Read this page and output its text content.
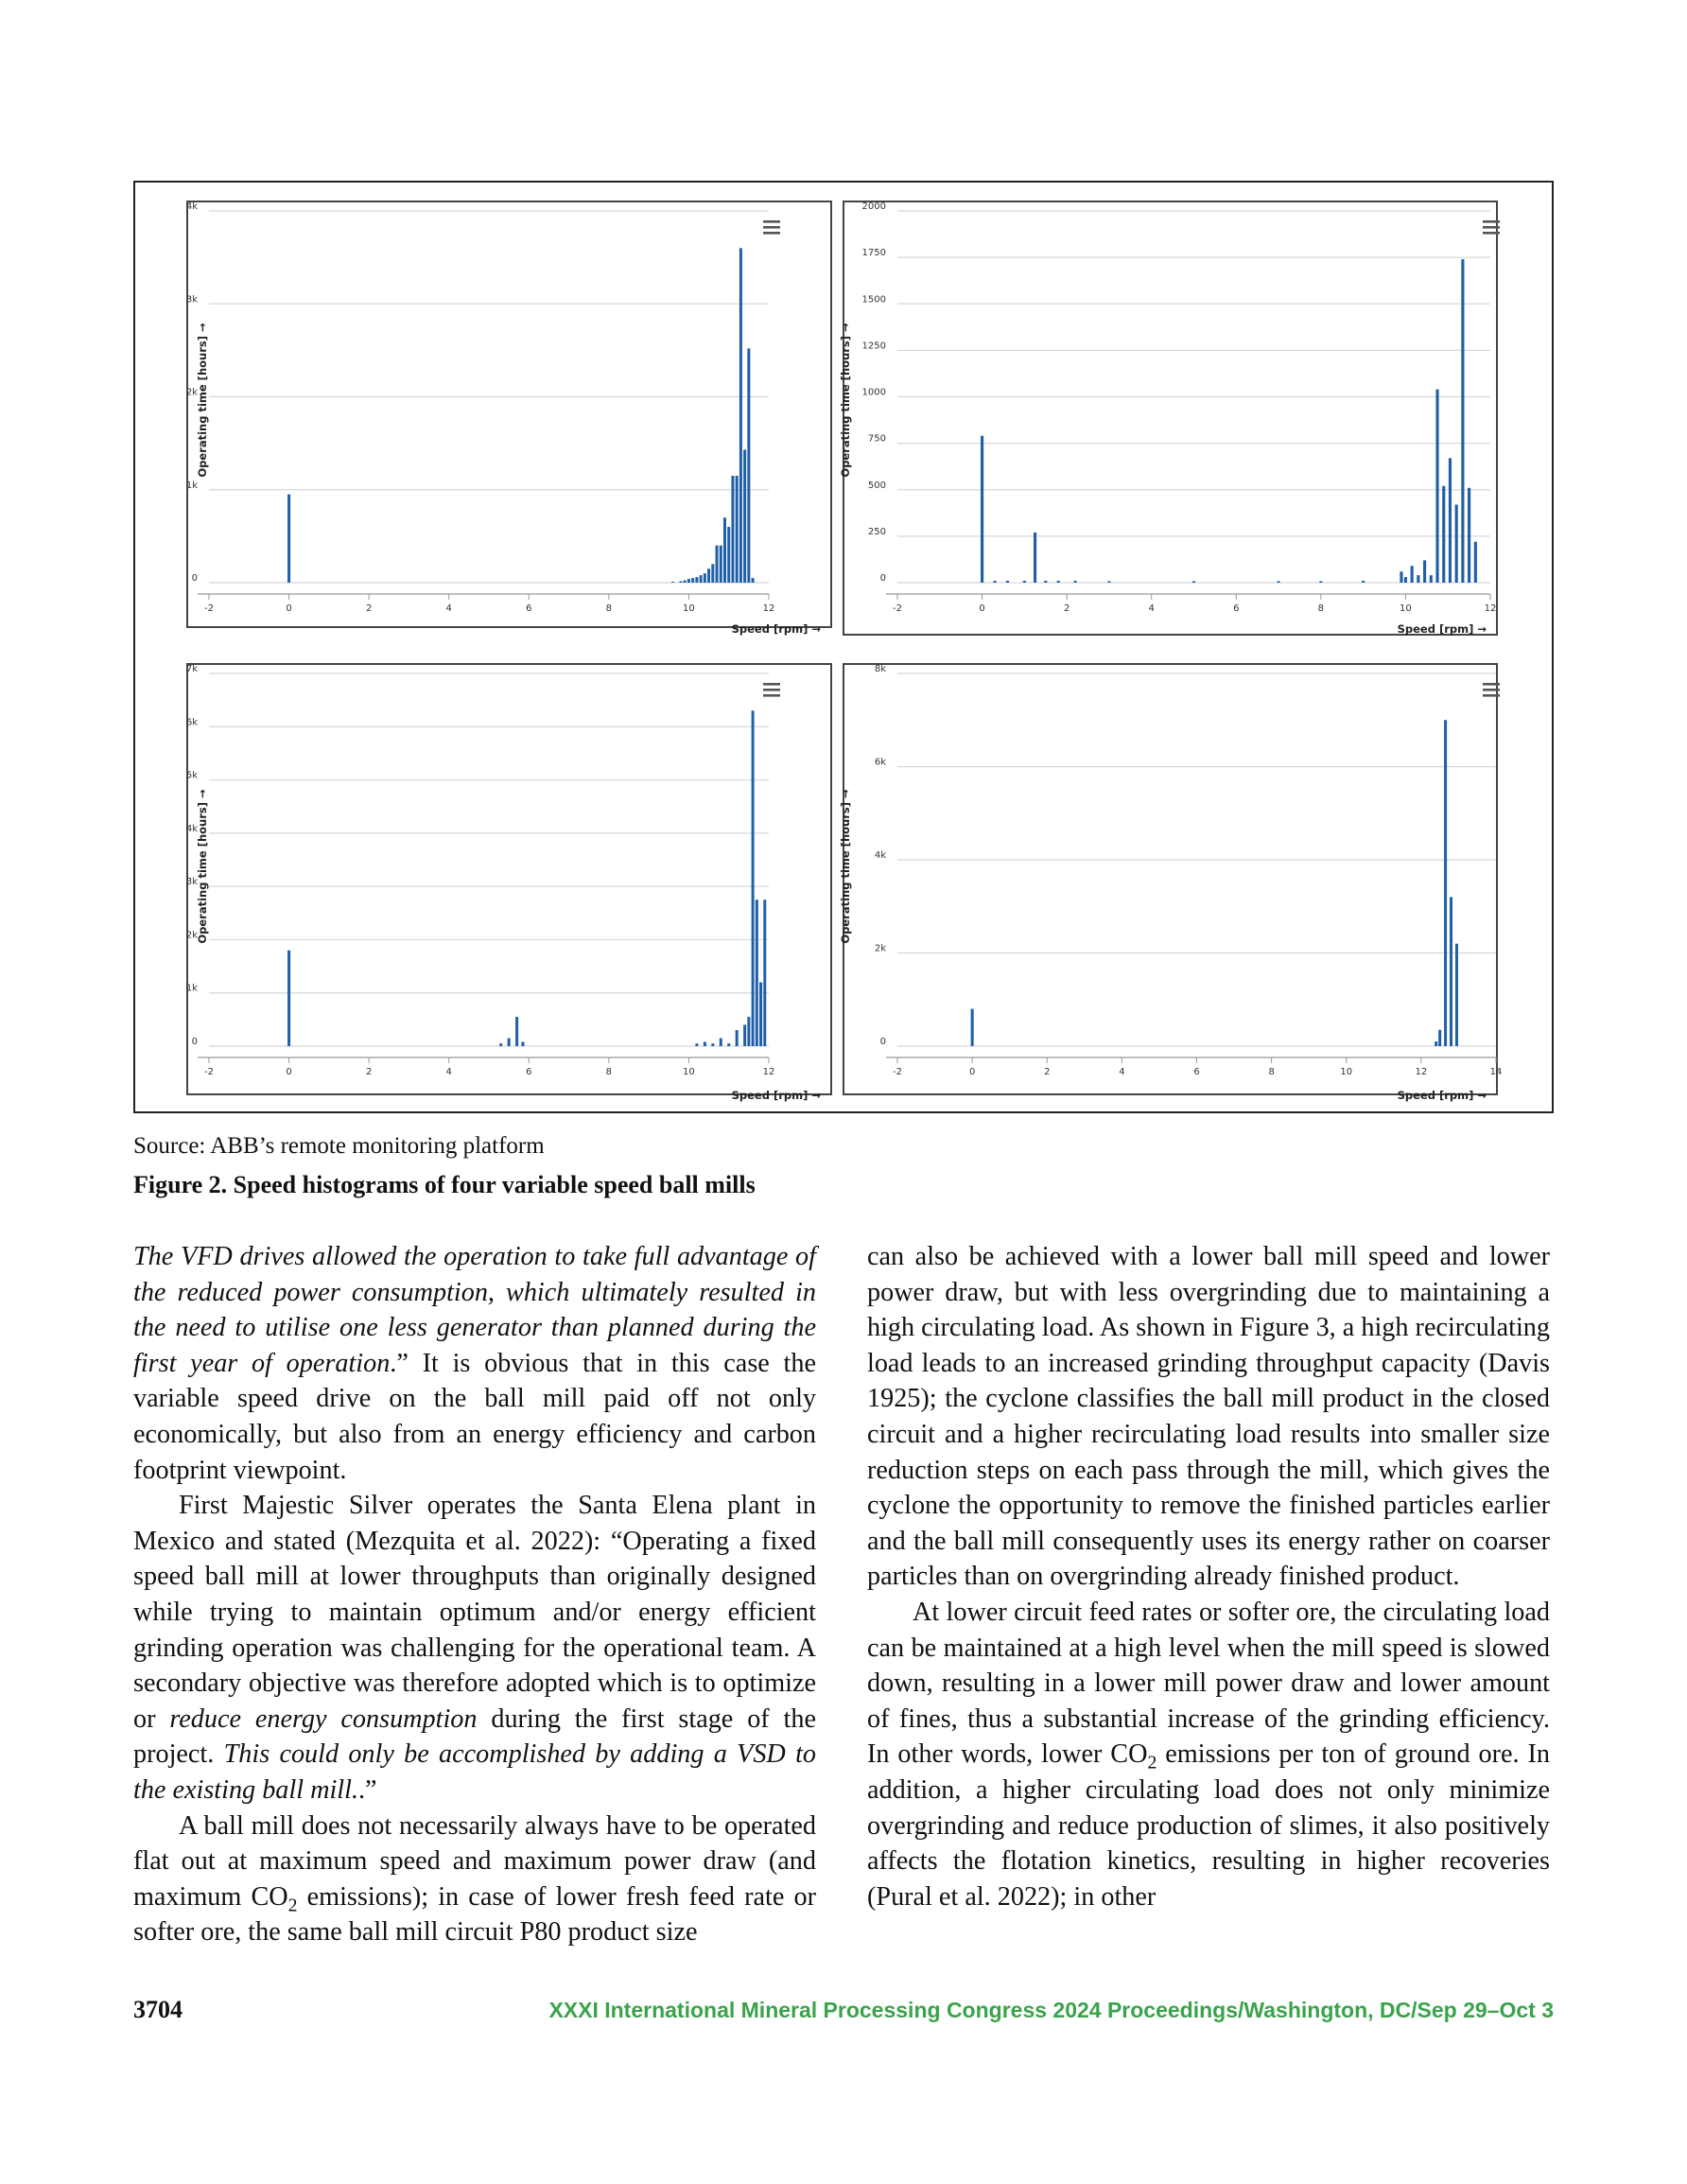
0
1k
2k
3k
4k
-2	0	2	4	6	8	10	12
Speed [rpm] →
Operating time [hours] →
0
250
500
750
1000
1250
1500
1750
2000
-2	0	2	4	6	8	10	12
Speed [rpm] →
Operating time [hours] →
0
1k
2k
3k
4k
5k
6k
7k
-2	0	2	4	6	8	10	12
Speed [rpm] →
Operating time [hours] →
0
2k
4k
6k
8k
-2	0	2	4	6	8	10	12	14
Speed [rpm] →
Operating time [hours] →
Source: ABB’s remote monitoring platform
Figure 2. Speed histograms of four variable speed ball mills

The VFD drives allowed the operation to take full advantage of the reduced power consumption, which ultimately resulted in the need to utilise one less generator than planned during the first year of operation.” It is obvious that in this case the variable speed drive on the ball mill paid off not only economically, but also from an energy efficiency and carbon footprint viewpoint.

First Majestic Silver operates the Santa Elena plant in Mexico and stated (Mezquita et al. 2022): “Operating a fixed speed ball mill at lower throughputs than originally designed while trying to maintain optimum and/or energy efficient grinding operation was challenging for the operational team. A secondary objective was therefore adopted which is to optimize or reduce energy consumption during the first stage of the project. This could only be accomplished by adding a VSD to the existing ball mill..”

A ball mill does not necessarily always have to be operated flat out at maximum speed and maximum power draw (and maximum $CO_2$ emissions); in case of lower fresh feed rate or softer ore, the same ball mill circuit P80 product size

can also be achieved with a lower ball mill speed and lower power draw, but with less overgrinding due to maintaining a high circulating load. As shown in Figure 3, a high recirculating load leads to an increased grinding throughput capacity (Davis 1925); the cyclone classifies the ball mill product in the closed circuit and a higher recirculating load results into smaller size reduction steps on each pass through the mill, which gives the cyclone the opportunity to remove the finished particles earlier and the ball mill consequently uses its energy rather on coarser particles than on overgrinding already finished product.

At lower circuit feed rates or softer ore, the circulating load can be maintained at a high level when the mill speed is slowed down, resulting in a lower mill power draw and lower amount of fines, thus a substantial increase of the grinding efficiency. In other words, lower $CO_2$ emissions per ton of ground ore. In addition, a higher circulating load does not only minimize overgrinding and reduce production of slimes, it also positively affects the flotation kinetics, resulting in higher recoveries (Pural et al. 2022); in other

3704	XXXI International Mineral Processing Congress 2024 Proceedings/Washington, DC/Sep 29–Oct 3
